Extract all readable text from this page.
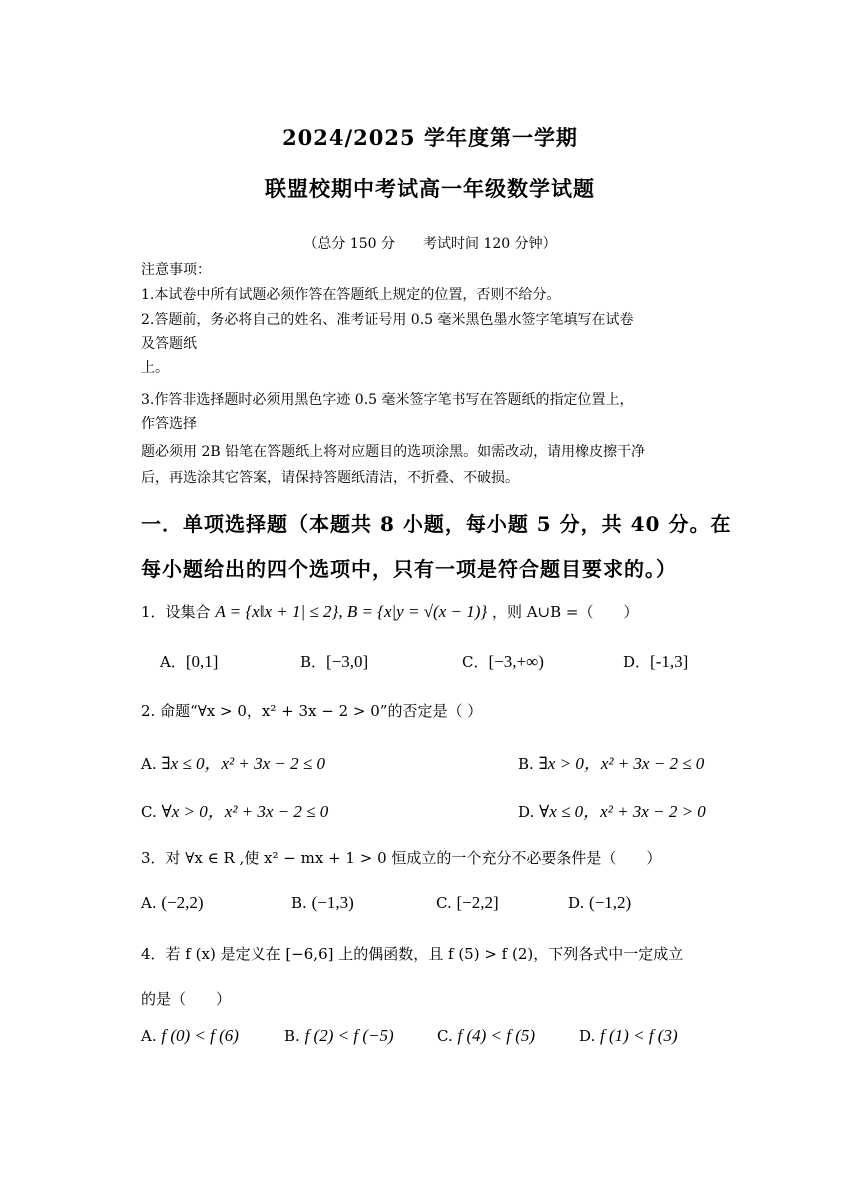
2024/2025 学年度第一学期
联盟校期中考试高一年级数学试题
（总分 150 分　　考试时间 120 分钟）
注意事项：
1.本试卷中所有试题必须作答在答题纸上规定的位置，否则不给分。
2.答题前，务必将自己的姓名、准考证号用 0.5 毫米黑色墨水签字笔填写在试卷
及答题纸
上。
3.作答非选择题时必须用黑色字迹 0.5 毫米签字笔书写在答题纸的指定位置上，
作答选择
题必须用 2B 铅笔在答题纸上将对应题目的选项涂黑。如需改动，请用橡皮擦干净
后，再选涂其它答案，请保持答题纸清洁，不折叠、不破损。
一．单项选择题（本题共 8 小题，每小题 5 分，共 40 分。在
每小题给出的四个选项中，只有一项是符合题目要求的。）
1．设集合 A = {x‖x + 1| ≤ 2}, B = {x|y = √(x − 1)} ，则 A∪B =（　　）
A．[0,1]	B．[−3,0]	C．[−3,+∞)	D．[-1,3]
2. 命题“∀x > 0，x² + 3x − 2 > 0”的否定是（ ）
A. ∃x ≤ 0，x² + 3x − 2 ≤ 0	B. ∃x > 0，x² + 3x − 2 ≤ 0
C. ∀x > 0，x² + 3x − 2 ≤ 0	D. ∀x ≤ 0，x² + 3x − 2 > 0
3．对 ∀x ∈ R ,使 x² − mx + 1 > 0 恒成立的一个充分不必要条件是（　　）
A. (−2,2)	B. (−1,3)	C. [−2,2]	D. (−1,2)
4．若 f (x) 是定义在 [−6,6] 上的偶函数，且 f (5) > f (2)，下列各式中一定成立
的是（　　）
A. f (0) < f (6)	B. f (2) < f (−5)	C. f (4) < f (5)	D. f (1) < f (3)
